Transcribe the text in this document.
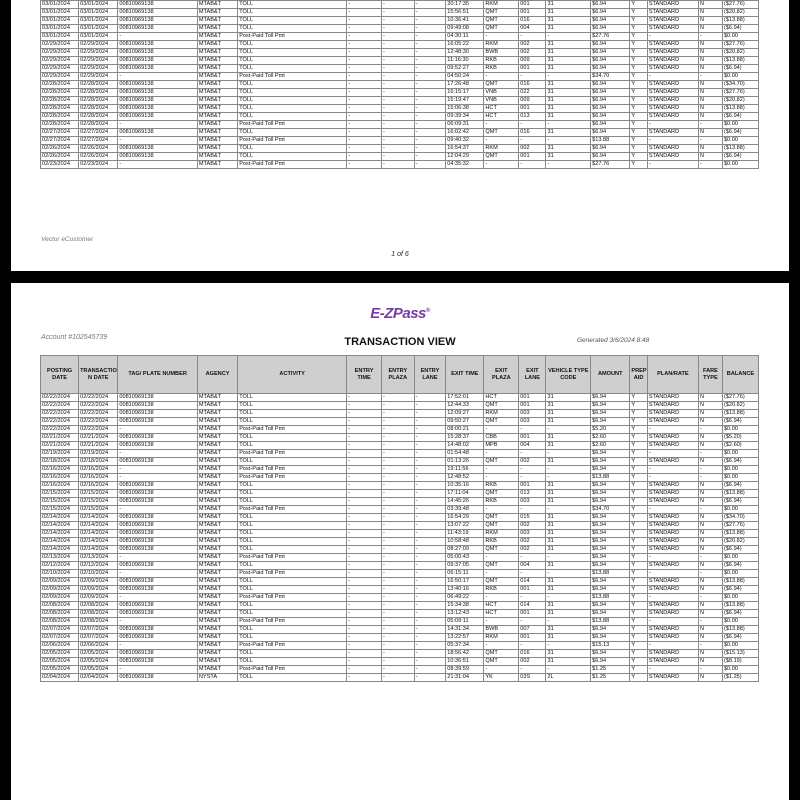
03/01/2024	03/01/2024	00810969138	MTAB&T	TOLL	-	-	-	20:17:35	RKM	001	31	$6.94	Y	STANDARD	N	($27.76)
03/01/2024	03/01/2024	00810969138	MTAB&T	TOLL	-	-	-	15:56:51	QMT	001	31	$6.94	Y	STANDARD	N	($20.82)
03/01/2024	03/01/2024	00810969138	MTAB&T	TOLL	-	-	-	10:36:41	QMT	016	31	$6.94	Y	STANDARD	N	($13.88)
03/01/2024	03/01/2024	00810969138	MTAB&T	TOLL	-	-	-	09:49:08	QMT	004	31	$6.94	Y	STANDARD	N	($6.94)
03/01/2024	03/01/2024	-	MTAB&T	Post-Paid Toll Pmt	-	-	-	04:30:11	-	-	-	$27.76	Y	-	-	$0.00
02/29/2024	02/29/2024	00810969138	MTAB&T	TOLL	-	-	-	16:05:22	RKM	002	31	$6.94	Y	STANDARD	N	($27.76)
02/29/2024	02/29/2024	00810969138	MTAB&T	TOLL	-	-	-	12:48:30	BWB	002	31	$6.94	Y	STANDARD	N	($20.82)
02/29/2024	02/29/2024	00810969138	MTAB&T	TOLL	-	-	-	11:16:30	RKB	009	31	$6.94	Y	STANDARD	N	($13.88)
02/29/2024	02/29/2024	00810969138	MTAB&T	TOLL	-	-	-	09:52:27	RKB	001	31	$6.94	Y	STANDARD	N	($6.94)
02/29/2024	02/29/2024	-	MTAB&T	Post-Paid Toll Pmt	-	-	-	04:50:24	-	-	-	$34.70	Y	-	-	$0.00
02/28/2024	02/28/2024	00810969138	MTAB&T	TOLL	-	-	-	17:26:48	QMT	016	31	$6.94	Y	STANDARD	N	($34.70)
02/28/2024	02/28/2024	00810969138	MTAB&T	TOLL	-	-	-	16:15:17	VNB	022	31	$6.94	Y	STANDARD	N	($27.76)
02/28/2024	02/28/2024	00810969138	MTAB&T	TOLL	-	-	-	15:19:47	VNB	009	31	$6.94	Y	STANDARD	N	($20.82)
02/28/2024	02/28/2024	00810969138	MTAB&T	TOLL	-	-	-	15:06:38	HCT	001	31	$6.94	Y	STANDARD	N	($13.88)
02/28/2024	02/28/2024	00810969138	MTAB&T	TOLL	-	-	-	09:39:34	HCT	013	31	$6.94	Y	STANDARD	N	($6.94)
02/28/2024	02/28/2024	-	MTAB&T	Post-Paid Toll Pmt	-	-	-	06:09:31	-	-	-	$6.94	Y	-	-	$0.00
02/27/2024	02/27/2024	00810969138	MTAB&T	TOLL	-	-	-	16:02:42	QMT	016	31	$6.94	Y	STANDARD	N	($6.94)
02/27/2024	02/27/2024	-	MTAB&T	Post-Paid Toll Pmt	-	-	-	09:40:32	-	-	-	$13.88	Y	-	-	$0.00
02/26/2024	02/26/2024	00810969138	MTAB&T	TOLL	-	-	-	16:54:37	RKM	002	31	$6.94	Y	STANDARD	N	($13.88)
02/26/2024	02/26/2024	00810969138	MTAB&T	TOLL	-	-	-	12:04:29	QMT	001	31	$6.94	Y	STANDARD	N	($6.94)
02/23/2024	02/23/2024	-	MTAB&T	Post-Paid Toll Pmt	-	-	-	04:35:32	-	-	-	$27.76	Y	-	-	$0.00
Vector eCustomer
1 of 6
E-ZPass®
Account #102545739	TRANSACTION VIEW	Generated 3/6/2024 8:48
POSTING DATE	TRANSACTIO N DATE	TAG/ PLATE NUMBER	AGENCY	ACTIVITY	ENTRY TIME	ENTRY PLAZA	ENTRY LANE	EXIT TIME	EXIT PLAZA	EXIT LANE	VEHICLE TYPE CODE	AMOUNT	PREP AID	PLAN/RATE	FARE TYPE	BALANCE
02/22/2024	02/22/2024	00810969138	MTAB&T	TOLL	-	-	-	17:52:01	HCT	001	31	$6.94	Y	STANDARD	N	($27.76)
02/22/2024	02/22/2024	00810969138	MTAB&T	TOLL	-	-	-	12:44:33	QMT	001	31	$6.94	Y	STANDARD	N	($20.82)
02/22/2024	02/22/2024	00810969138	MTAB&T	TOLL	-	-	-	12:09:27	RKM	003	31	$6.94	Y	STANDARD	N	($13.88)
02/22/2024	02/22/2024	00810969138	MTAB&T	TOLL	-	-	-	09:50:27	QMT	003	31	$6.94	Y	STANDARD	N	($6.94)
02/22/2024	02/22/2024	-	MTAB&T	Post-Paid Toll Pmt	-	-	-	08:00:21	-	-	-	$5.20	Y	-	-	$0.00
02/21/2024	02/21/2024	00810969138	MTAB&T	TOLL	-	-	-	15:28:37	CBB	001	31	$2.60	Y	STANDARD	N	($5.20)
02/21/2024	02/21/2024	00810969138	MTAB&T	TOLL	-	-	-	14:48:02	MPB	004	31	$2.60	Y	STANDARD	N	($2.60)
02/19/2024	02/19/2024	-	MTAB&T	Post-Paid Toll Pmt	-	-	-	01:54:48	-	-	-	$6.94	Y	-	-	$0.00
02/18/2024	02/18/2024	00810969138	MTAB&T	TOLL	-	-	-	01:13:26	QMT	002	31	$6.94	Y	STANDARD	N	($6.94)
02/16/2024	02/16/2024	-	MTAB&T	Post-Paid Toll Pmt	-	-	-	19:11:56	-	-	-	$6.94	Y	-	-	$0.00
02/16/2024	02/16/2024	-	MTAB&T	Post-Paid Toll Pmt	-	-	-	12:48:52	-	-	-	$13.88	Y	-	-	$0.00
02/16/2024	02/16/2024	00810969138	MTAB&T	TOLL	-	-	-	10:35:16	RKB	001	31	$6.94	Y	STANDARD	N	($6.94)
02/15/2024	02/15/2024	00810969138	MTAB&T	TOLL	-	-	-	17:11:04	QMT	013	31	$6.94	Y	STANDARD	N	($13.88)
02/15/2024	02/15/2024	00810969138	MTAB&T	TOLL	-	-	-	14:45:26	RKB	003	31	$6.94	Y	STANDARD	N	($6.94)
02/15/2024	02/15/2024	-	MTAB&T	Post-Paid Toll Pmt	-	-	-	03:39:48	-	-	-	$34.70	Y	-	-	$0.00
02/14/2024	02/14/2024	00810969138	MTAB&T	TOLL	-	-	-	16:54:29	QMT	015	31	$6.94	Y	STANDARD	N	($34.70)
02/14/2024	02/14/2024	00810969138	MTAB&T	TOLL	-	-	-	13:07:22	QMT	002	31	$6.94	Y	STANDARD	N	($27.76)
02/14/2024	02/14/2024	00810969138	MTAB&T	TOLL	-	-	-	11:43:19	RKM	003	31	$6.94	Y	STANDARD	N	($13.88)
02/14/2024	02/14/2024	00810969138	MTAB&T	TOLL	-	-	-	10:58:48	RKB	002	31	$6.94	Y	STANDARD	N	($20.82)
02/14/2024	02/14/2024	00810969138	MTAB&T	TOLL	-	-	-	08:27:09	QMT	002	31	$6.94	Y	STANDARD	N	($6.94)
02/13/2024	02/13/2024	-	MTAB&T	Post-Paid Toll Pmt	-	-	-	05:00:43	-	-	-	$6.94	Y	-	-	$0.00
02/12/2024	02/12/2024	00810969138	MTAB&T	TOLL	-	-	-	09:37:05	QMT	004	31	$6.94	Y	STANDARD	N	($6.94)
02/10/2024	02/10/2024	-	MTAB&T	Post-Paid Toll Pmt	-	-	-	06:15:11	-	-	-	$13.88	Y	-	-	$0.00
02/09/2024	02/09/2024	00810969138	MTAB&T	TOLL	-	-	-	16:50:17	QMT	014	31	$6.94	Y	STANDARD	N	($13.88)
02/09/2024	02/09/2024	00810969138	MTAB&T	TOLL	-	-	-	13:40:16	RKB	001	31	$6.94	Y	STANDARD	N	($6.94)
02/09/2024	02/09/2024	-	MTAB&T	Post-Paid Toll Pmt	-	-	-	06:49:22	-	-	-	$13.88	Y	-	-	$0.00
02/08/2024	02/08/2024	00810969138	MTAB&T	TOLL	-	-	-	15:34:38	HCT	014	31	$6.94	Y	STANDARD	N	($13.88)
02/08/2024	02/08/2024	00810969138	MTAB&T	TOLL	-	-	-	13:12:43	HCT	001	31	$6.94	Y	STANDARD	N	($6.94)
02/08/2024	02/08/2024	-	MTAB&T	Post-Paid Toll Pmt	-	-	-	05:09:11	-	-	-	$13.88	Y	-	-	$0.00
02/07/2024	02/07/2024	00810969138	MTAB&T	TOLL	-	-	-	14:31:34	BWB	007	31	$6.94	Y	STANDARD	N	($13.88)
02/07/2024	02/07/2024	00810969138	MTAB&T	TOLL	-	-	-	13:22:57	RKM	001	31	$6.94	Y	STANDARD	N	($6.94)
02/06/2024	02/06/2024	-	MTAB&T	Post-Paid Toll Pmt	-	-	-	05:37:34	-	-	-	$15.13	Y	-	-	$0.00
02/05/2024	02/05/2024	00810969138	MTAB&T	TOLL	-	-	-	18:56:42	QMT	016	31	$6.94	Y	STANDARD	N	($15.13)
02/05/2024	02/05/2024	00810969138	MTAB&T	TOLL	-	-	-	10:36:51	QMT	002	31	$6.94	Y	STANDARD	N	($8.19)
02/05/2024	02/05/2024	-	MTAB&T	Post-Paid Toll Pmt	-	-	-	08:39:59	-	-	-	$1.25	Y	-	-	$0.00
02/04/2024	02/04/2024	00810969138	NYSTA	TOLL	-	-	-	21:31:04	YK	03S	2L	$1.25	Y	STANDARD	N	($1.25)
